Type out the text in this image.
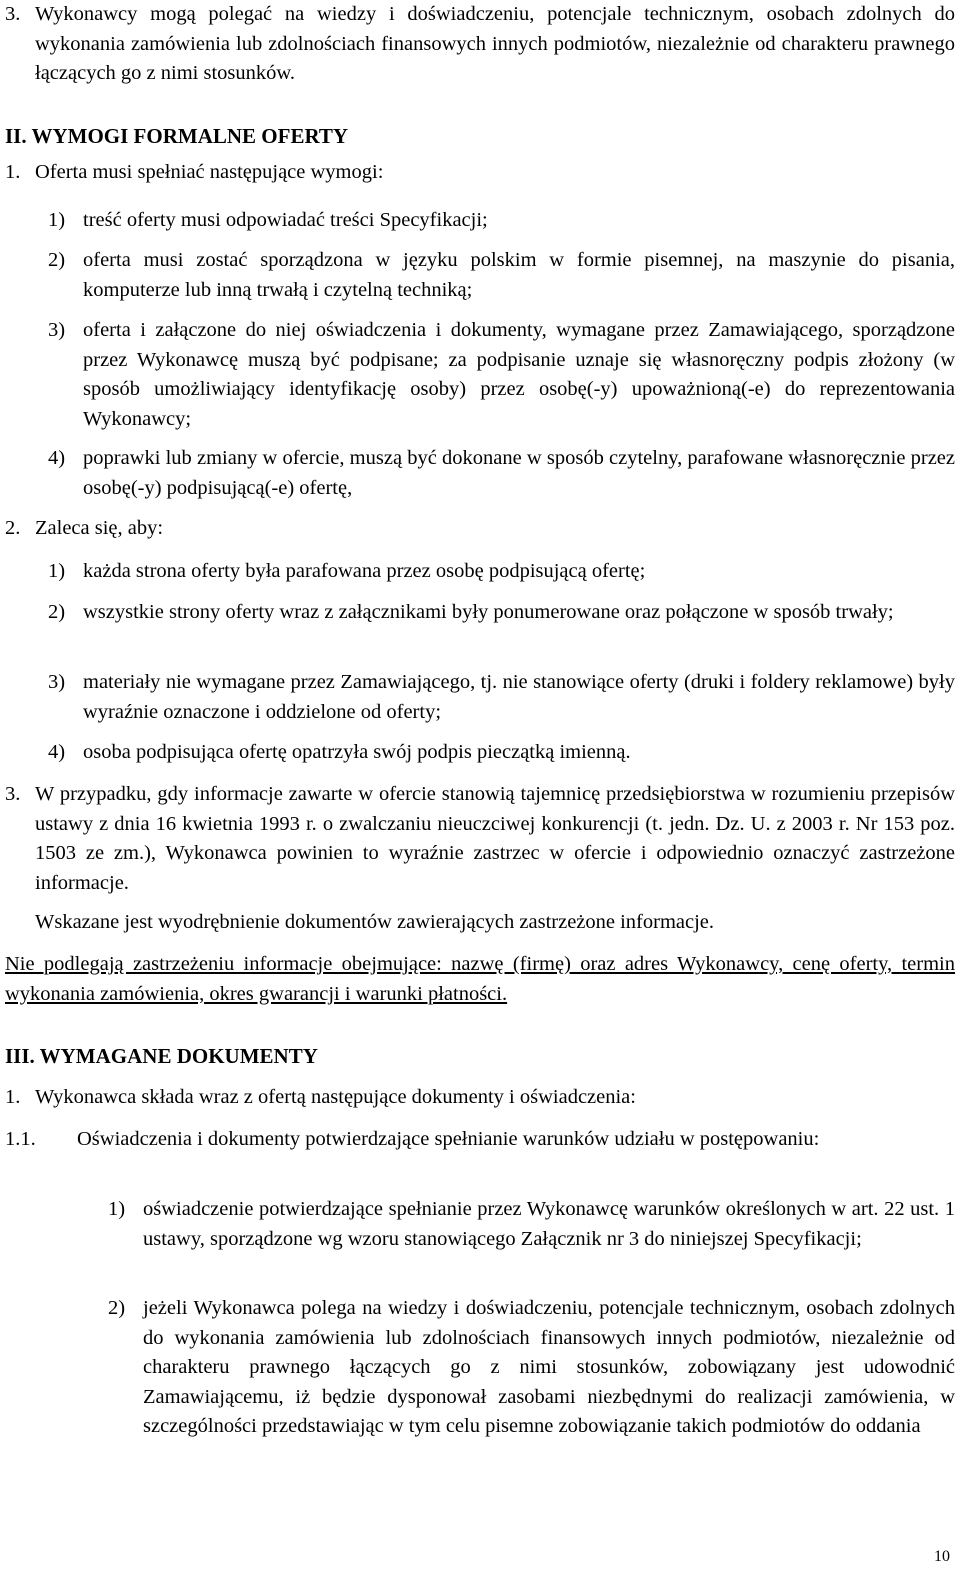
3. Wykonawcy mogą polegać na wiedzy i doświadczeniu, potencjale technicznym, osobach zdolnych do wykonania zamówienia lub zdolnościach finansowych innych podmiotów, niezależnie od charakteru prawnego łączących go z nimi stosunków.

II. WYMOGI FORMALNE OFERTY
1. Oferta musi spełniać następujące wymogi:

1) treść oferty musi odpowiadać treści Specyfikacji;

2) oferta musi zostać sporządzona w języku polskim w formie pisemnej, na maszynie do pisania, komputerze lub inną trwałą i czytelną techniką;

3) oferta i załączone do niej oświadczenia i dokumenty, wymagane przez Zamawiającego, sporządzone przez Wykonawcę muszą być podpisane; za podpisanie uznaje się własnoręczny podpis złożony (w sposób umożliwiający identyfikację osoby) przez osobę(-y) upoważnioną(-e) do reprezentowania Wykonawcy;

4) poprawki lub zmiany w ofercie, muszą być dokonane w sposób czytelny, parafowane własnoręcznie przez osobę(-y) podpisującą(-e) ofertę,

2. Zaleca się, aby:

1) każda strona oferty była parafowana przez osobę podpisującą ofertę;

2) wszystkie strony oferty wraz z załącznikami były ponumerowane oraz połączone w sposób trwały;

3) materiały nie wymagane przez Zamawiającego, tj. nie stanowiące oferty (druki i foldery reklamowe) były wyraźnie oznaczone i oddzielone od oferty;

4) osoba podpisująca ofertę opatrzyła swój podpis pieczątką imienną.

3. W przypadku, gdy informacje zawarte w ofercie stanowią tajemnicę przedsiębiorstwa w rozumieniu przepisów ustawy z dnia 16 kwietnia 1993 r. o zwalczaniu nieuczciwej konkurencji (t. jedn. Dz. U. z 2003 r. Nr 153 poz. 1503 ze zm.), Wykonawca powinien to wyraźnie zastrzec w ofercie i odpowiednio oznaczyć zastrzeżone informacje.

Wskazane jest wyodrębnienie dokumentów zawierających zastrzeżone informacje.

Nie podlegają zastrzeżeniu informacje obejmujące: nazwę (firmę) oraz adres Wykonawcy, cenę oferty, termin wykonania zamówienia, okres gwarancji i warunki płatności.

III. WYMAGANE DOKUMENTY
1. Wykonawca składa wraz z ofertą następujące dokumenty i oświadczenia:

1.1. Oświadczenia i dokumenty potwierdzające spełnianie warunków udziału w postępowaniu:

1) oświadczenie potwierdzające spełnianie przez Wykonawcę warunków określonych w art. 22 ust. 1 ustawy, sporządzone wg wzoru stanowiącego Załącznik nr 3 do niniejszej Specyfikacji;

2) jeżeli Wykonawca polega na wiedzy i doświadczeniu, potencjale technicznym, osobach zdolnych do wykonania zamówienia lub zdolnościach finansowych innych podmiotów, niezależnie od charakteru prawnego łączących go z nimi stosunków, zobowiązany jest udowodnić Zamawiającemu, iż będzie dysponował zasobami niezbędnymi do realizacji zamówienia, w szczególności przedstawiając w tym celu pisemne zobowiązanie takich podmiotów do oddania

10
